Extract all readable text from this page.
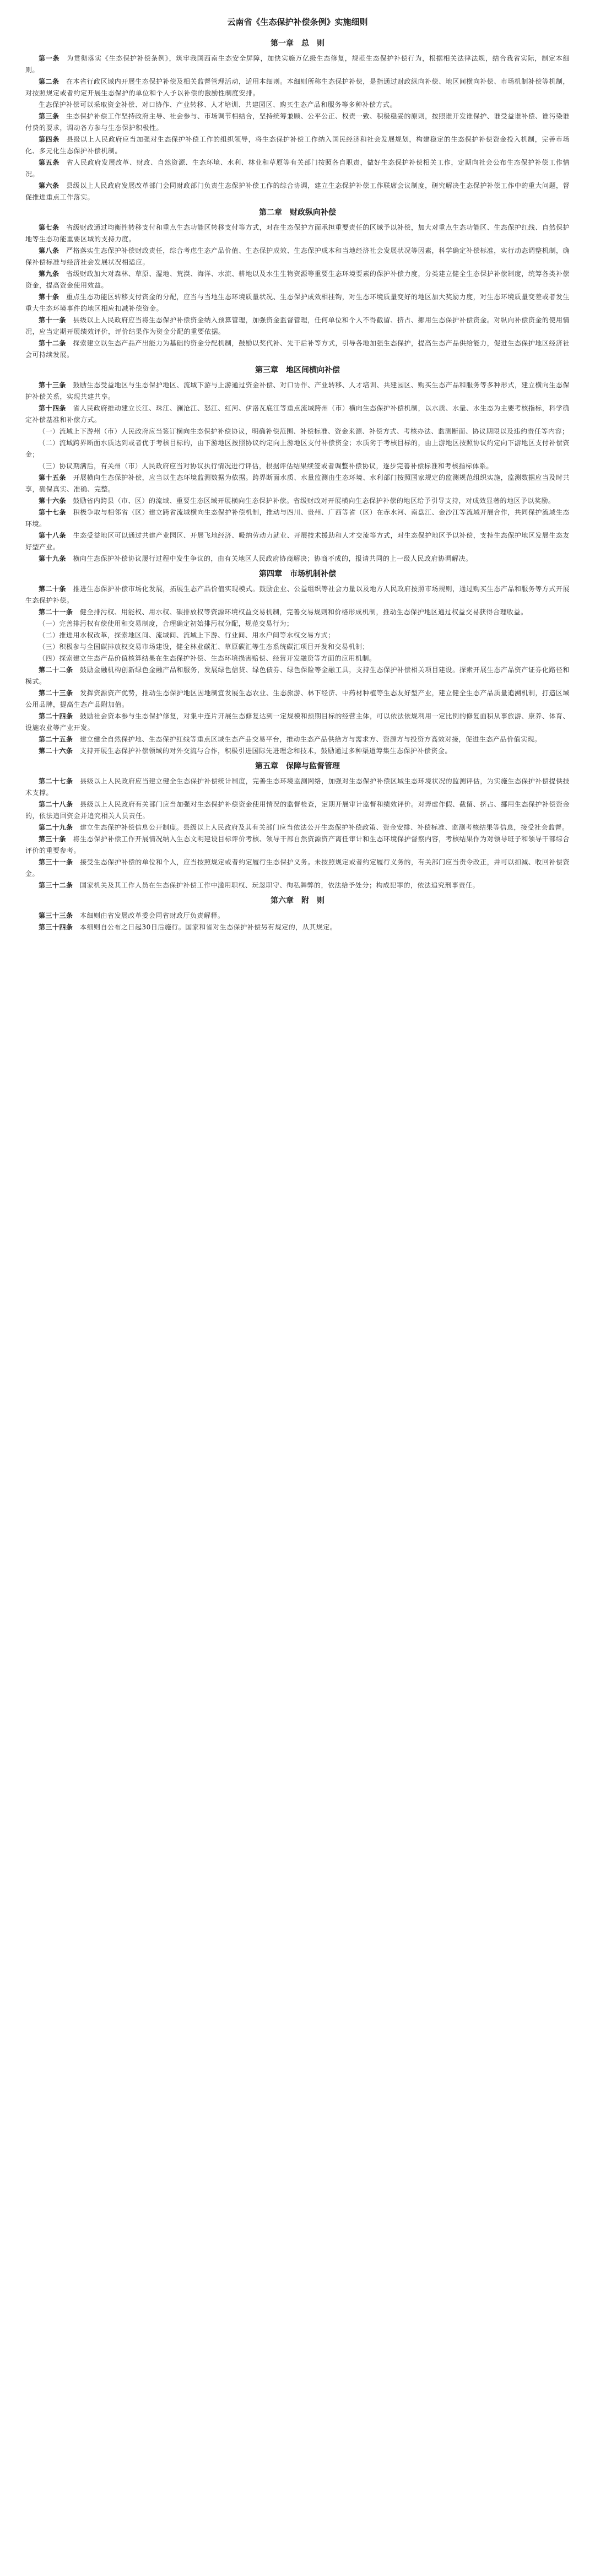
云南省《生态保护补偿条例》实施细则
第一章　总　则

第一条  为贯彻落实《生态保护补偿条例》，筑牢我国西南生态安全屏障，加快实施万亿级生态修复，规范生态保护补偿行为，根据相关法律法规，结合我省实际，制定本细则。

第二条  在本省行政区域内开展生态保护补偿及相关监督管理活动，适用本细则。本细则所称生态保护补偿，是指通过财政纵向补偿、地区间横向补偿、市场机制补偿等机制，对按照规定或者约定开展生态保护的单位和个人予以补偿的激励性制度安排。

生态保护补偿可以采取资金补偿、对口协作、产业转移、人才培训、共建园区、购买生态产品和服务等多种补偿方式。

第三条  生态保护补偿工作坚持政府主导、社会参与、市场调节相结合，坚持统筹兼顾、公平公正、权责一致、积极稳妥的原则，按照谁开发谁保护、谁受益谁补偿、谁污染谁付费的要求，调动各方参与生态保护积极性。

第四条  县级以上人民政府应当加强对生态保护补偿工作的组织领导，将生态保护补偿工作纳入国民经济和社会发展规划，构建稳定的生态保护补偿资金投入机制，完善市场化、多元化生态保护补偿机制。

第五条  省人民政府发展改革、财政、自然资源、生态环境、水利、林业和草原等有关部门按照各自职责，做好生态保护补偿相关工作，定期向社会公布生态保护补偿工作情况。

第六条  县级以上人民政府发展改革部门会同财政部门负责生态保护补偿工作的综合协调，建立生态保护补偿工作联席会议制度，研究解决生态保护补偿工作中的重大问题，督促推进重点工作落实。

第二章　财政纵向补偿

第七条  省级财政通过均衡性转移支付和重点生态功能区转移支付等方式，对在生态保护方面承担重要责任的区域予以补偿，加大对重点生态功能区、生态保护红线、自然保护地等生态功能重要区域的支持力度。

第八条  严格落实生态保护补偿财政责任，综合考虑生态产品价值、生态保护成效、生态保护成本和当地经济社会发展状况等因素，科学确定补偿标准，实行动态调整机制，确保补偿标准与经济社会发展状况相适应。

第九条  省级财政加大对森林、草原、湿地、荒漠、海洋、水流、耕地以及水生生物资源等重要生态环境要素的保护补偿力度，分类建立健全生态保护补偿制度，统筹各类补偿资金，提高资金使用效益。

第十条  重点生态功能区转移支付资金的分配，应当与当地生态环境质量状况、生态保护成效相挂钩，对生态环境质量变好的地区加大奖励力度，对生态环境质量变差或者发生重大生态环境事件的地区相应扣减补偿资金。

第十一条  县级以上人民政府应当将生态保护补偿资金纳入预算管理，加强资金监督管理，任何单位和个人不得截留、挤占、挪用生态保护补偿资金。对纵向补偿资金的使用情况，应当定期开展绩效评价，评价结果作为资金分配的重要依据。

第十二条  探索建立以生态产品产出能力为基础的资金分配机制，鼓励以奖代补、先干后补等方式，引导各地加强生态保护，提高生态产品供给能力，促进生态保护地区经济社会可持续发展。

第三章　地区间横向补偿

第十三条  鼓励生态受益地区与生态保护地区、流域下游与上游通过资金补偿、对口协作、产业转移、人才培训、共建园区、购买生态产品和服务等多种形式，建立横向生态保护补偿关系，实现共建共享。

第十四条  省人民政府推动建立长江、珠江、澜沧江、怒江、红河、伊洛瓦底江等重点流域跨州（市）横向生态保护补偿机制，以水质、水量、水生态为主要考核指标，科学确定补偿基准和补偿方式。

（一）流域上下游州（市）人民政府应当签订横向生态保护补偿协议，明确补偿范围、补偿标准、资金来源、补偿方式、考核办法、监测断面、协议期限以及违约责任等内容；

（二）流域跨界断面水质达到或者优于考核目标的，由下游地区按照协议约定向上游地区支付补偿资金；水质劣于考核目标的，由上游地区按照协议约定向下游地区支付补偿资金；

（三）协议期满后，有关州（市）人民政府应当对协议执行情况进行评估，根据评估结果续签或者调整补偿协议，逐步完善补偿标准和考核指标体系。

第十五条  开展横向生态保护补偿，应当以生态环境监测数据为依据。跨界断面水质、水量监测由生态环境、水利部门按照国家规定的监测规范组织实施，监测数据应当及时共享，确保真实、准确、完整。

第十六条  鼓励省内跨县（市、区）的流域、重要生态区域开展横向生态保护补偿。省级财政对开展横向生态保护补偿的地区给予引导支持，对成效显著的地区予以奖励。

第十七条  积极争取与相邻省（区）建立跨省流域横向生态保护补偿机制，推动与四川、贵州、广西等省（区）在赤水河、南盘江、金沙江等流域开展合作，共同保护流域生态环境。

第十八条  生态受益地区可以通过共建产业园区、开展飞地经济、吸纳劳动力就业、开展技术援助和人才交流等方式，对生态保护地区予以补偿，支持生态保护地区发展生态友好型产业。

第十九条  横向生态保护补偿协议履行过程中发生争议的，由有关地区人民政府协商解决；协商不成的，报请共同的上一级人民政府协调解决。

第四章　市场机制补偿

第二十条  推进生态保护补偿市场化发展，拓展生态产品价值实现模式。鼓励企业、公益组织等社会力量以及地方人民政府按照市场规则，通过购买生态产品和服务等方式开展生态保护补偿。

第二十一条  健全排污权、用能权、用水权、碳排放权等资源环境权益交易机制，完善交易规则和价格形成机制，推动生态保护地区通过权益交易获得合理收益。

（一）完善排污权有偿使用和交易制度，合理确定初始排污权分配，规范交易行为；

（二）推进用水权改革，探索地区间、流域间、流域上下游、行业间、用水户间等水权交易方式；

（三）积极参与全国碳排放权交易市场建设，健全林业碳汇、草原碳汇等生态系统碳汇项目开发和交易机制；

（四）探索建立生态产品价值核算结果在生态保护补偿、生态环境损害赔偿、经营开发融资等方面的应用机制。

第二十二条  鼓励金融机构创新绿色金融产品和服务，发展绿色信贷、绿色债券、绿色保险等金融工具，支持生态保护补偿相关项目建设。探索开展生态产品资产证券化路径和模式。

第二十三条  发挥资源资产优势，推动生态保护地区因地制宜发展生态农业、生态旅游、林下经济、中药材种植等生态友好型产业，建立健全生态产品质量追溯机制，打造区域公用品牌，提高生态产品附加值。

第二十四条  鼓励社会资本参与生态保护修复，对集中连片开展生态修复达到一定规模和预期目标的经营主体，可以依法依规利用一定比例的修复面积从事旅游、康养、体育、设施农业等产业开发。

第二十五条  建立健全自然保护地、生态保护红线等重点区域生态产品交易平台，推动生态产品供给方与需求方、资源方与投资方高效对接，促进生态产品价值实现。

第二十六条  支持开展生态保护补偿领域的对外交流与合作，积极引进国际先进理念和技术，鼓励通过多种渠道筹集生态保护补偿资金。

第五章　保障与监督管理

第二十七条  县级以上人民政府应当建立健全生态保护补偿统计制度，完善生态环境监测网络，加强对生态保护补偿区域生态环境状况的监测评估，为实施生态保护补偿提供技术支撑。

第二十八条  县级以上人民政府有关部门应当加强对生态保护补偿资金使用情况的监督检查，定期开展审计监督和绩效评价。对弄虚作假、截留、挤占、挪用生态保护补偿资金的，依法追回资金并追究相关人员责任。

第二十九条  建立生态保护补偿信息公开制度。县级以上人民政府及其有关部门应当依法公开生态保护补偿政策、资金安排、补偿标准、监测考核结果等信息，接受社会监督。

第三十条  将生态保护补偿工作开展情况纳入生态文明建设目标评价考核、领导干部自然资源资产离任审计和生态环境保护督察内容，考核结果作为对领导班子和领导干部综合评价的重要参考。

第三十一条  接受生态保护补偿的单位和个人，应当按照规定或者约定履行生态保护义务。未按照规定或者约定履行义务的，有关部门应当责令改正，并可以扣减、收回补偿资金。

第三十二条  国家机关及其工作人员在生态保护补偿工作中滥用职权、玩忽职守、徇私舞弊的，依法给予处分；构成犯罪的，依法追究刑事责任。

第六章　附　则

第三十三条  本细则由省发展改革委会同省财政厅负责解释。

第三十四条  本细则自公布之日起30日后施行。国家和省对生态保护补偿另有规定的，从其规定。
